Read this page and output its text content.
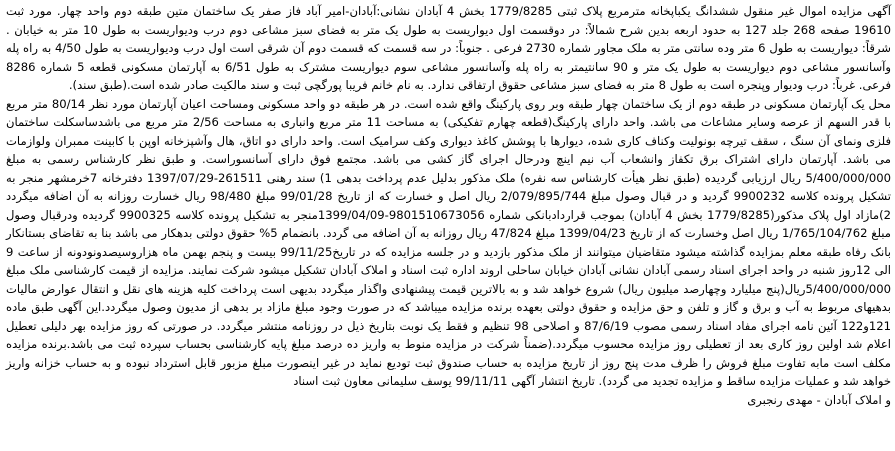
آگهی مزایده اموال غیر منقول ششدانگ یکباپخانه مترمربع پلاک ثبتی 1779/8285 بخش 4 آبادان نشانی:آبادان-امیر آباد فاز صفر یک ساختمان متین طبقه دوم واحد چهار. مورد ثبت 19610 صفحه 268 جلد 127 به حدود اربعه بدین شرح شمالاً: در دوقسمت اول دیواریست به طول یک متر به فضای سبز مشاعی دوم درب ودیواریست به طول 10 متر به خیابان . شرقاً: دیواریست به طول 6 متر وده سانتی متر به ملک مجاور شماره 2730 فرعی . جنوباً: در سه قسمت که قسمت دوم آن شرقی است اول درب ودیواریست به طول 4/50 به راه پله وآسانسور مشاعی دوم دیواریست به طول یک متر و 90 سانتیمتر به راه پله وآسانسور مشاعی سوم دیواریست مشترک به طول 6/51 به آپارتمان مسکونی قطعه 5 شماره 8286 فرعی. غرباً: درب ودیوار وپنجره است به طول 8 متر به فضای سبز مشاعی حقوق ارتفاقی ندارد. به نام خانم فریبا پورگچی ثبت و سند مالکیت صادر شده است.(طبق سند).

محل یک آپارتمان مسکونی در طبقه دوم از یک ساختمان چهار طبقه وبر روی پارکینگ واقع شده است. در هر طبقه دو واحد مسکونی ومساحت اعیان آپارتمان مورد نظر 80/14 متر مربع با قدر السهم از عرصه وسایر مشاعات می باشد. واحد دارای پارکینگ(قطعه چهارم تفکیکی) به مساحت 11 متر مربع وانباری به مساحت 2/56 متر مربع می باشدساسکلت ساختمان فلزی ونمای آن سنگ ، سقف تیرچه بونولیت وکناف کاری شده، دیوارها با پوشش کاغذ دیواری وکف سرامیک است. واحد دارای دو اتاق، هال وآشپزخانه اوپن با کابینت ممبران ولوازمات می باشد. آپارتمان دارای اشتراک برق تکفاز وانشعاب آب نیم اینچ ودرحال اجرای گاز کشی می باشد. مجتمع فوق دارای آسانسوراست. و طبق نظر کارشناس رسمی به مبلغ 5/400/000/000 ریال ارزیابی گردیده (طبق نظر هیأت کارشناس سه نفره) ملک مذکور بدلیل عدم پرداخت بدهی 1) سند رهنی 261511-1397/07/29 دفترخانه 7خرمشهر منجر به تشکیل پرونده کلاسه 9900232 گردید و در قبال وصول مبلغ 2/079/895/744 ریال اصل و خسارت که از تاریخ 99/01/28 مبلغ 98/480 ریال خسارت روزانه به آن اضافه میگردد 2)مازاد اول پلاک مذکور(1779/8285 بخش 4 آبادان) بموجب قراردادبانکی شماره 9801510673056-1399/04/09منجر به تشکیل پرونده کلاسه 9900325 گردیده ودرقبال وصول مبلغ 1/765/104/762 ریال اصل وخسارت که از تاریخ 1399/04/23 مبلغ 47/824 ریال روزانه به آن اضافه می گردد. بانضمام 5% حقوق دولتی بدهکار می باشد بنا به تقاضای بستانکار بانک رفاه طبقه معلم بمزایده گذاشته میشود متقاضیان میتوانند از ملک مذکور بازدید و در جلسه مزایده که در تاریخ99/11/25 بیست و پنجم بهمن ماه هزاروسیصدونودونه از ساعت 9 الی 12روز شنبه در واحد اجرای اسناد رسمی آبادان نشانی آبادان خیابان ساحلی اروند اداره ثبت اسناد و املاک آبادان تشکیل میشود شرکت نمایند. مزایده از قیمت کارشناسی ملک مبلغ 5/400/000/000ریال(پنج میلیارد وچهارصد میلیون ریال) شروع خواهد شد و به بالاترین قیمت پیشنهادی واگذار میگردد بدیهی است پرداخت کلیه هزینه های نقل و انتقال عوارض مالیات بدهیهای مربوط به آب و برق و گاز و تلفن و حق مزایده و حقوق دولتی بعهده برنده مزایده میباشد که در صورت وجود مبلغ مازاد بر بدهی از مدیون وصول میگردد.این آگهی طبق ماده 121و122 آئین نامه اجرای مفاد اسناد رسمی مصوب 87/6/19 و اصلاحی 98 تنظیم و فقط یک نوبت بتاریخ ذیل در روزنامه منتشر میگردد. در صورتی که روز مزایده بهر دلیلی تعطیل اعلام شد اولین روز کاری بعد از تعطیلی روز مزایده محسوب میگردد.(ضمناً شرکت در مزایده منوط به واریز ده درصد مبلغ پایه کارشناسی بحساب سپرده ثبت می باشد.برنده مزایده مکلف است مابه تفاوت مبلغ فروش را ظرف مدت پنج روز از تاریخ مزایده به حساب صندوق ثبت تودیع نماید در غیر اینصورت مبلغ مزبور قابل استرداد نبوده و به حساب خزانه واریز خواهد شد و عملیات مزایده ساقط و مزایده تجدید می گردد). تاریخ انتشار آگهی 99/11/11 یوسف سلیمانی معاون ثبت اسناد

و املاک آبادان - مهدی رنجبری
